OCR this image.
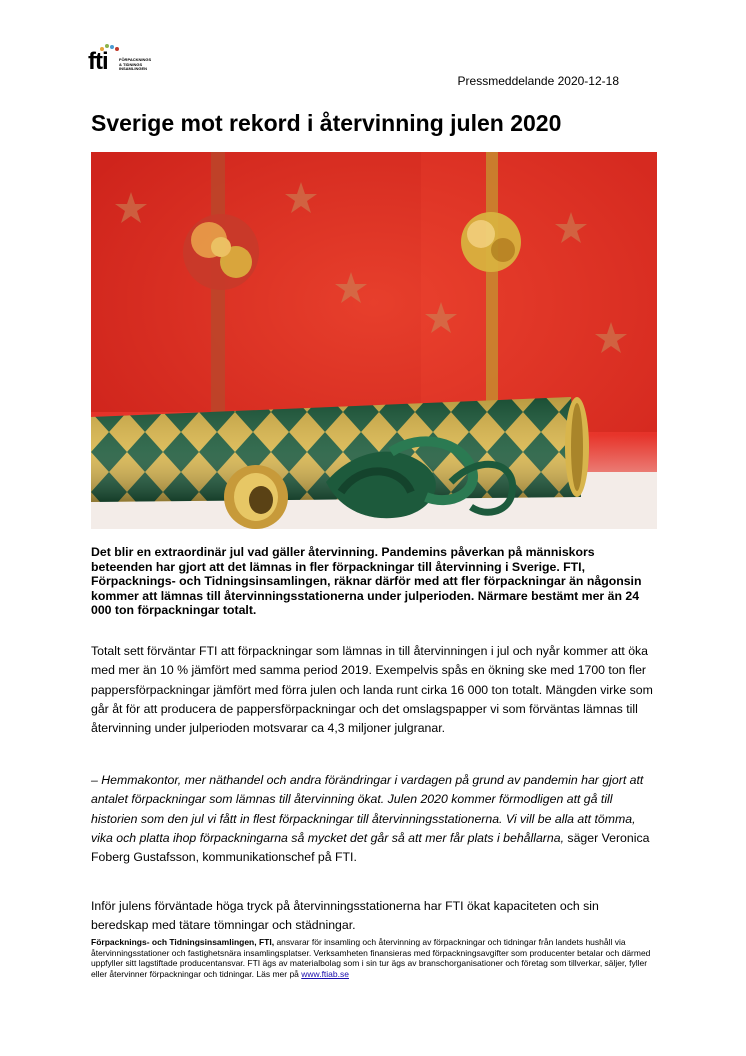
fti	FÖRPACKNINGS
& TIDNINGS
INSAMLINGEN
Pressmeddelande 2020-12-18
Sverige mot rekord i återvinning julen 2020

Det blir en extraordinär jul vad gäller återvinning. Pandemins påverkan på människors beteenden har gjort att det lämnas in fler förpackningar till återvinning i Sverige. FTI, Förpacknings- och Tidningsinsamlingen, räknar därför med att fler förpackningar än någonsin kommer att lämnas till återvinningsstationerna under julperioden. Närmare bestämt mer än 24 000 ton förpackningar totalt.

Totalt sett förväntar FTI att förpackningar som lämnas in till återvinningen i jul och nyår kommer att öka med mer än 10 % jämfört med samma period 2019. Exempelvis spås en ökning ske med 1700 ton fler pappersförpackningar jämfört med förra julen och landa runt cirka 16 000 ton totalt. Mängden virke som går åt för att producera de pappersförpackningar och det omslagspapper vi som förväntas lämnas till återvinning under julperioden motsvarar ca 4,3 miljoner julgranar.

– Hemmakontor, mer näthandel och andra förändringar i vardagen på grund av pandemin har gjort att antalet förpackningar som lämnas till återvinning ökat. Julen 2020 kommer förmodligen att gå till historien som den jul vi fått in flest förpackningar till återvinningsstationerna. Vi vill be alla att tömma, vika och platta ihop förpackningarna så mycket det går så att mer får plats i behållarna, säger Veronica Foberg Gustafsson, kommunikationschef på FTI.

Inför julens förväntade höga tryck på återvinningsstationerna har FTI ökat kapaciteten och sin beredskap med tätare tömningar och städningar.

Förpacknings- och Tidningsinsamlingen, FTI, ansvarar för insamling och återvinning av förpackningar och tidningar från landets hushåll via återvinningsstationer och fastighetsnära insamlingsplatser. Verksamheten finansieras med förpackningsavgifter som producenter betalar och därmed uppfyller sitt lagstiftade producentansvar. FTI ägs av materialbolag som i sin tur ägs av branschorganisationer och företag som tillverkar, säljer, fyller eller återvinner förpackningar och tidningar. Läs mer på www.ftiab.se
